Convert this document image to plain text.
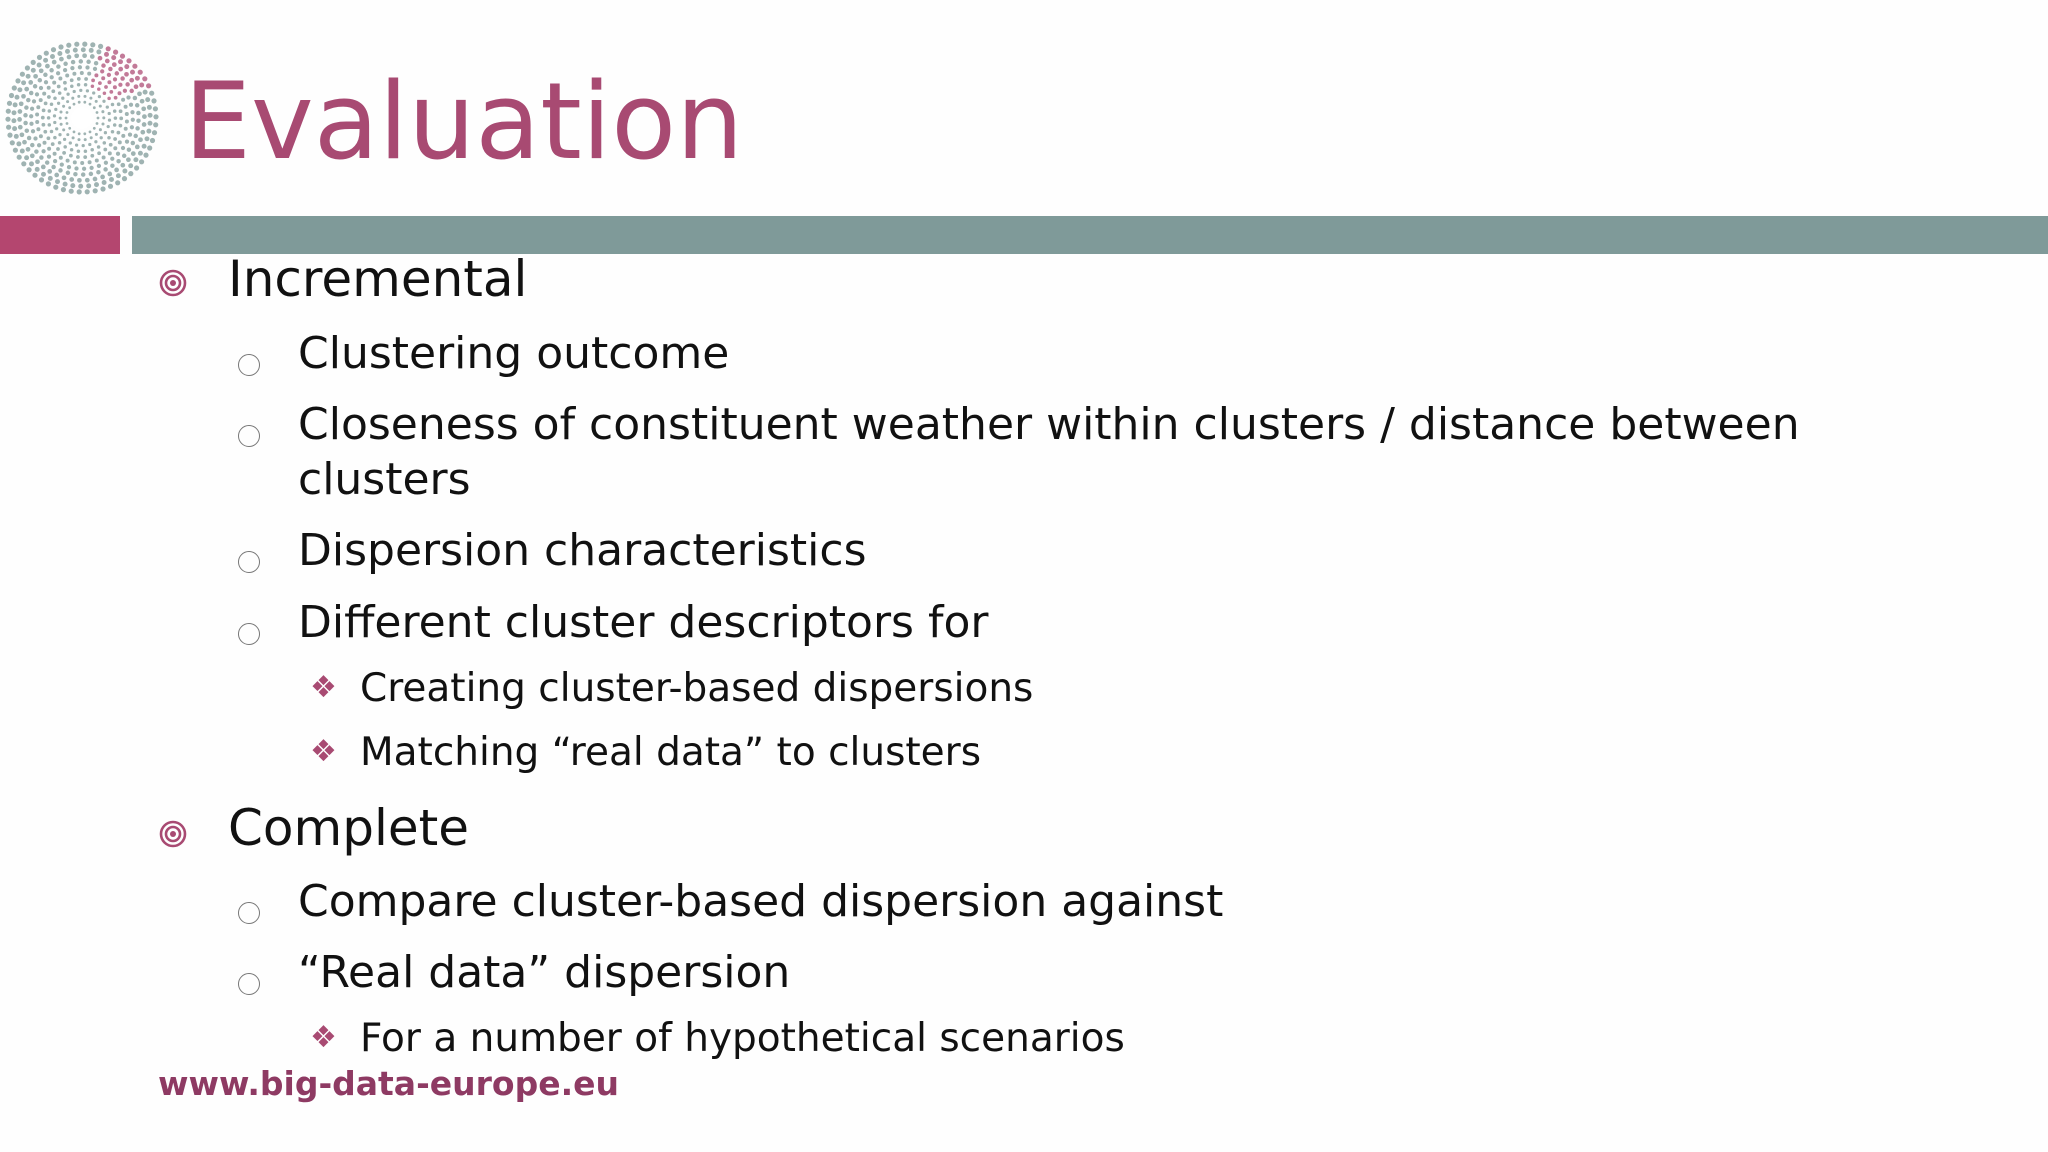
Evaluation
Incremental
Clustering outcome
Closeness of constituent weather within clusters / distance between
clusters
Dispersion characteristics
Different cluster descriptors for
❖ Creating cluster-based dispersions
❖ Matching “real data” to clusters
Complete
Compare cluster-based dispersion against
“Real data” dispersion
❖ For a number of hypothetical scenarios
www.big-data-europe.eu
